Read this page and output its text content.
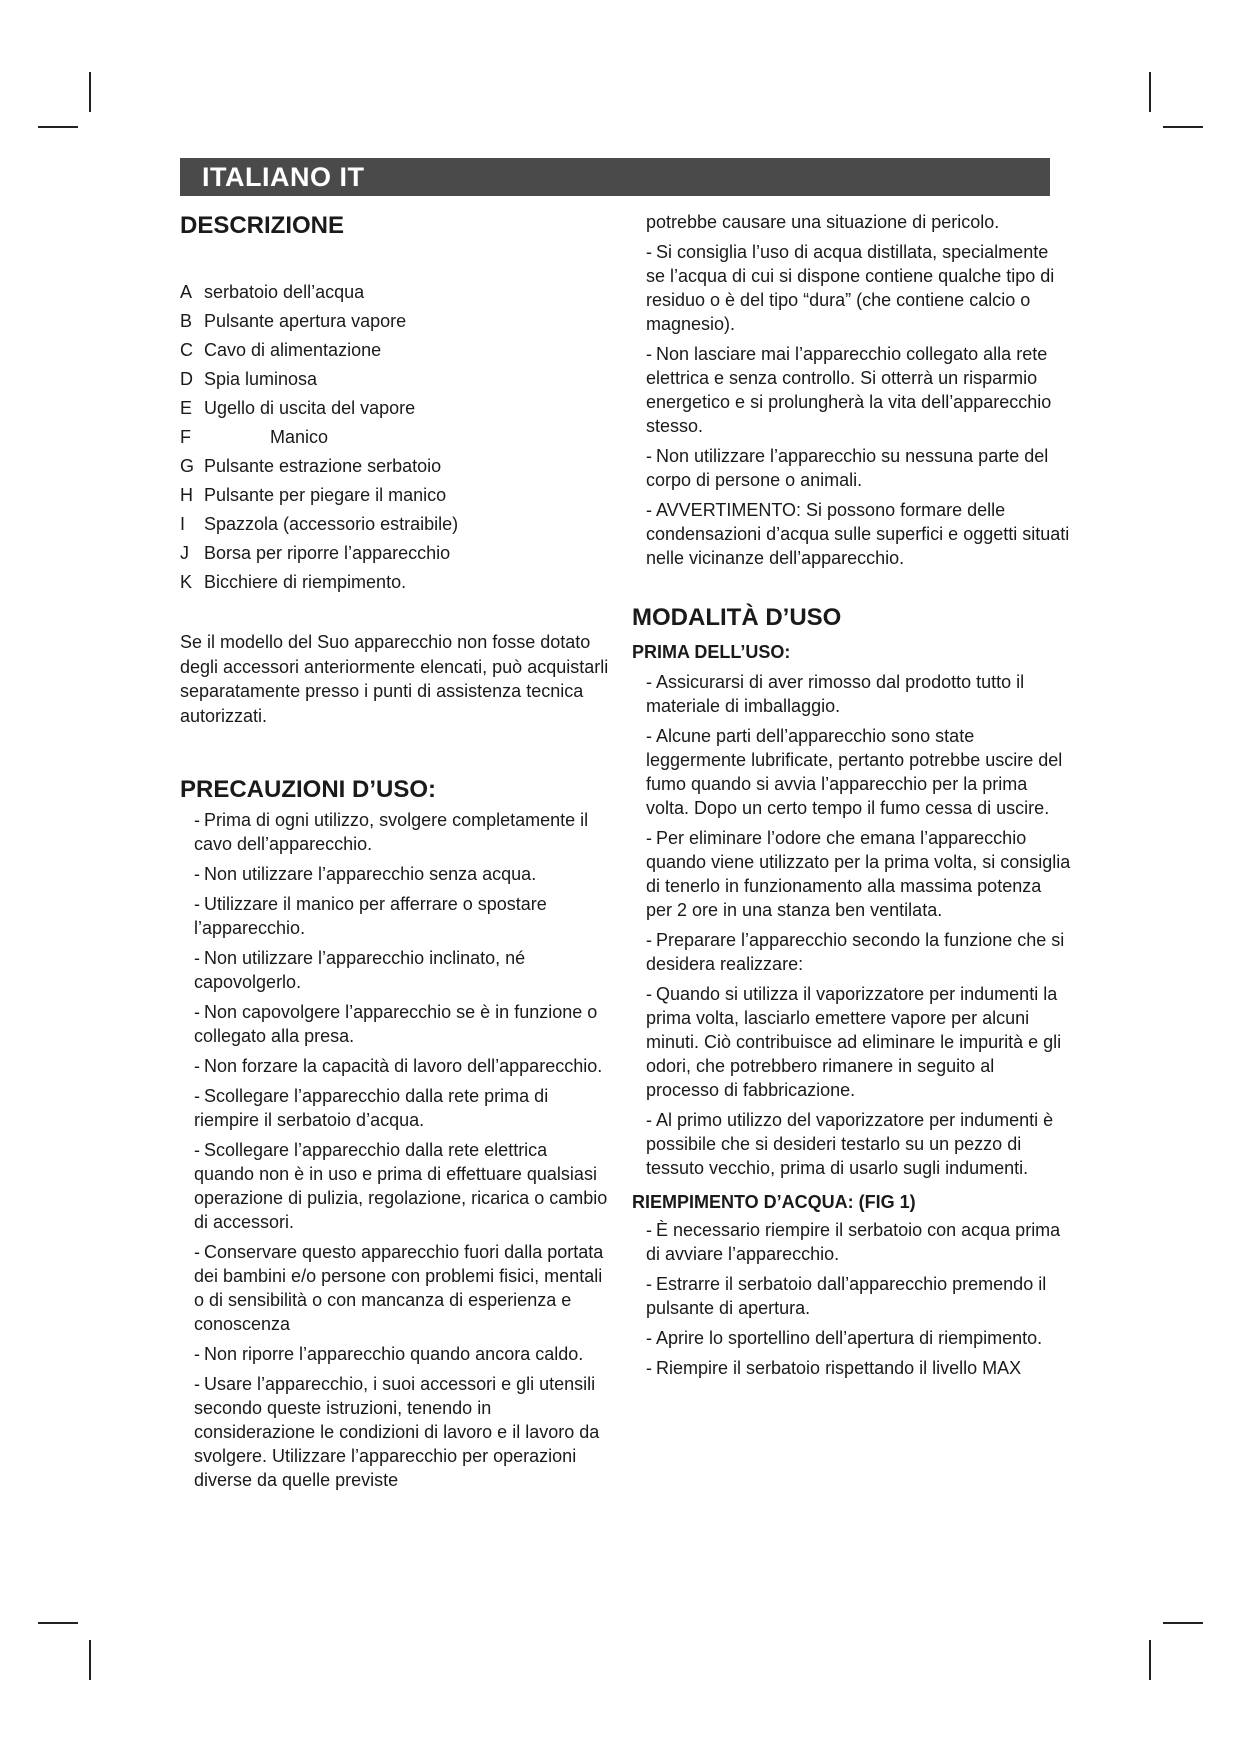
ITALIANO IT
DESCRIZIONE
A serbatoio dell’acqua
B Pulsante apertura vapore
C Cavo di alimentazione
D Spia luminosa
E Ugello di uscita del vapore
F	Manico
G Pulsante estrazione serbatoio
H Pulsante per piegare il manico
I	Spazzola (accessorio estraibile)
J Borsa per riporre l’apparecchio
K Bicchiere di riempimento.

Se il modello del Suo apparecchio non fosse dotato degli accessori anteriormente elencati, può acquistarli separatamente presso i punti di assistenza tecnica autorizzati.

PRECAUZIONI D’USO:
- Prima di ogni utilizzo, svolgere completamente il cavo dell’apparecchio.
- Non utilizzare l’apparecchio senza acqua.
- Utilizzare il manico per afferrare o spostare l’apparecchio.
- Non utilizzare l’apparecchio inclinato, né capovolgerlo.
- Non capovolgere l’apparecchio se è in funzione o collegato alla presa.
- Non forzare la capacità di lavoro dell’apparecchio.
- Scollegare l’apparecchio dalla rete prima di riempire il serbatoio d’acqua.
- Scollegare l’apparecchio dalla rete elettrica quando non è in uso e prima di effettuare qualsiasi operazione di pulizia, regolazione, ricarica o cambio di accessori.
- Conservare questo apparecchio fuori dalla portata dei bambini e/o persone con problemi fisici, mentali o di sensibilità o con mancanza di esperienza e conoscenza
- Non riporre l’apparecchio quando ancora caldo.
- Usare l’apparecchio, i suoi accessori e gli utensili secondo queste istruzioni, tenendo in considerazione le condizioni di lavoro e il lavoro da svolgere. Utilizzare l’apparecchio per operazioni diverse da quelle previste

potrebbe causare una situazione di pericolo.

- Si consiglia l’uso di acqua distillata, specialmente se l’acqua di cui si dispone contiene qualche tipo di residuo o è del tipo “dura” (che contiene calcio o magnesio).
- Non lasciare mai l’apparecchio collegato alla rete elettrica e senza controllo. Si otterrà un risparmio energetico e si prolungherà la vita dell’apparecchio stesso.
- Non utilizzare l’apparecchio su nessuna parte del corpo di persone o animali.
- AVVERTIMENTO: Si possono formare delle condensazioni d’acqua sulle superfici e oggetti situati nelle vicinanze dell’apparecchio.
MODALITÀ D’USO
PRIMA DELL’USO:
- Assicurarsi di aver rimosso dal prodotto tutto il materiale di imballaggio.
- Alcune parti dell’apparecchio sono state leggermente lubrificate, pertanto potrebbe uscire del fumo quando si avvia l’apparecchio per la prima volta. Dopo un certo tempo il fumo cessa di uscire.
- Per eliminare l’odore che emana l’apparecchio quando viene utilizzato per la prima volta, si consiglia di tenerlo in funzionamento alla massima potenza per 2 ore in una stanza ben ventilata.
- Preparare l’apparecchio secondo la funzione che si desidera realizzare:
- Quando si utilizza il vaporizzatore per indumenti la prima volta, lasciarlo emettere vapore per alcuni minuti. Ciò contribuisce ad eliminare le impurità e gli odori, che potrebbero rimanere in seguito al processo di fabbricazione.
- Al primo utilizzo del vaporizzatore per indumenti è possibile che si desideri testarlo su un pezzo di tessuto vecchio, prima di usarlo sugli indumenti.
RIEMPIMENTO D’ACQUA: (FIG 1)
- È necessario riempire il serbatoio con acqua prima di avviare l’apparecchio.
- Estrarre il serbatoio dall’apparecchio premendo il pulsante di apertura.
- Aprire lo sportellino dell’apertura di riempimento.
- Riempire il serbatoio rispettando il livello MAX
